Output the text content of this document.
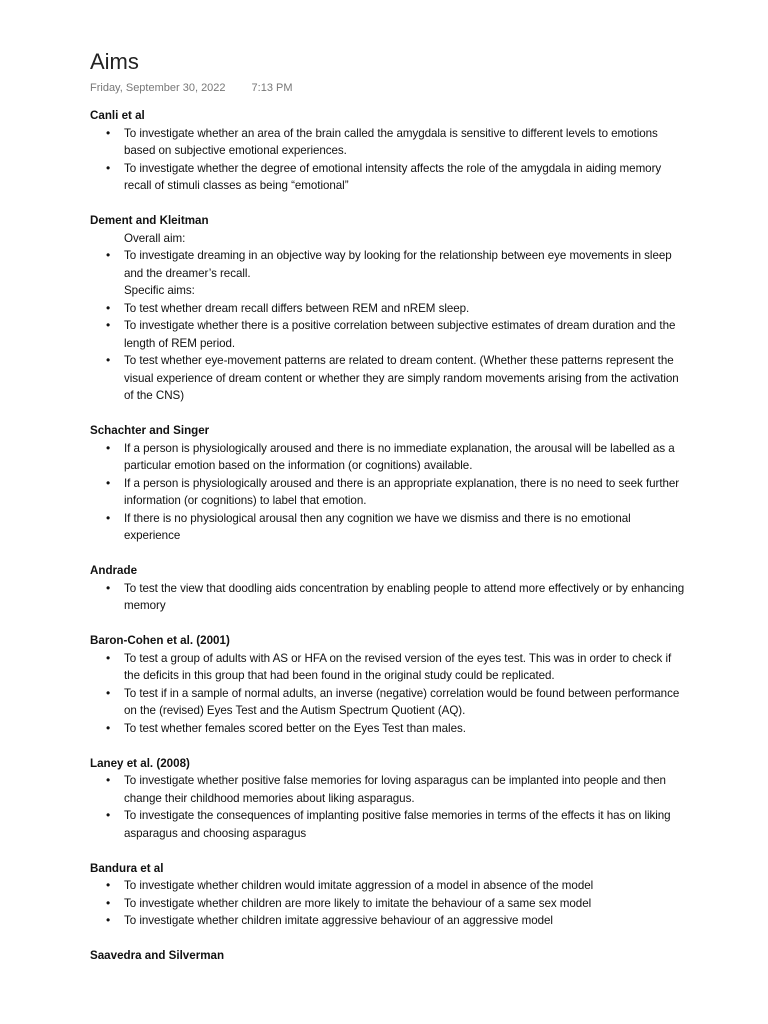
Aims
Friday, September 30, 2022 7:13 PM
Canli et al
• To investigate whether an area of the brain called the amygdala is sensitive to different levels to emotions based on subjective emotional experiences.
• To investigate whether the degree of emotional intensity affects the role of the amygdala in aiding memory recall of stimuli classes as being “emotional”
Dement and Kleitman
Overall aim:
• To investigate dreaming in an objective way by looking for the relationship between eye movements in sleep and the dreamer’s recall.
Specific aims:
• To test whether dream recall differs between REM and nREM sleep.
• To investigate whether there is a positive correlation between subjective estimates of dream duration and the length of REM period.
• To test whether eye-movement patterns are related to dream content. (Whether these patterns represent the visual experience of dream content or whether they are simply random movements arising from the activation of the CNS)
Schachter and Singer
• If a person is physiologically aroused and there is no immediate explanation, the arousal will be labelled as a particular emotion based on the information (or cognitions) available.
• If a person is physiologically aroused and there is an appropriate explanation, there is no need to seek further information (or cognitions) to label that emotion.
• If there is no physiological arousal then any cognition we have we dismiss and there is no emotional experience
Andrade
• To test the view that doodling aids concentration by enabling people to attend more effectively or by enhancing memory
Baron-Cohen et al. (2001)
• To test a group of adults with AS or HFA on the revised version of the eyes test. This was in order to check if the deficits in this group that had been found in the original study could be replicated.
• To test if in a sample of normal adults, an inverse (negative) correlation would be found between performance on the (revised) Eyes Test and the Autism Spectrum Quotient (AQ).
• To test whether females scored better on the Eyes Test than males.
Laney et al. (2008)
• To investigate whether positive false memories for loving asparagus can be implanted into people and then change their childhood memories about liking asparagus.
• To investigate the consequences of implanting positive false memories in terms of the effects it has on liking asparagus and choosing asparagus
Bandura et al
• To investigate whether children would imitate aggression of a model in absence of the model
• To investigate whether children are more likely to imitate the behaviour of a same sex model
• To investigate whether children imitate aggressive behaviour of an aggressive model
Saavedra and Silverman
